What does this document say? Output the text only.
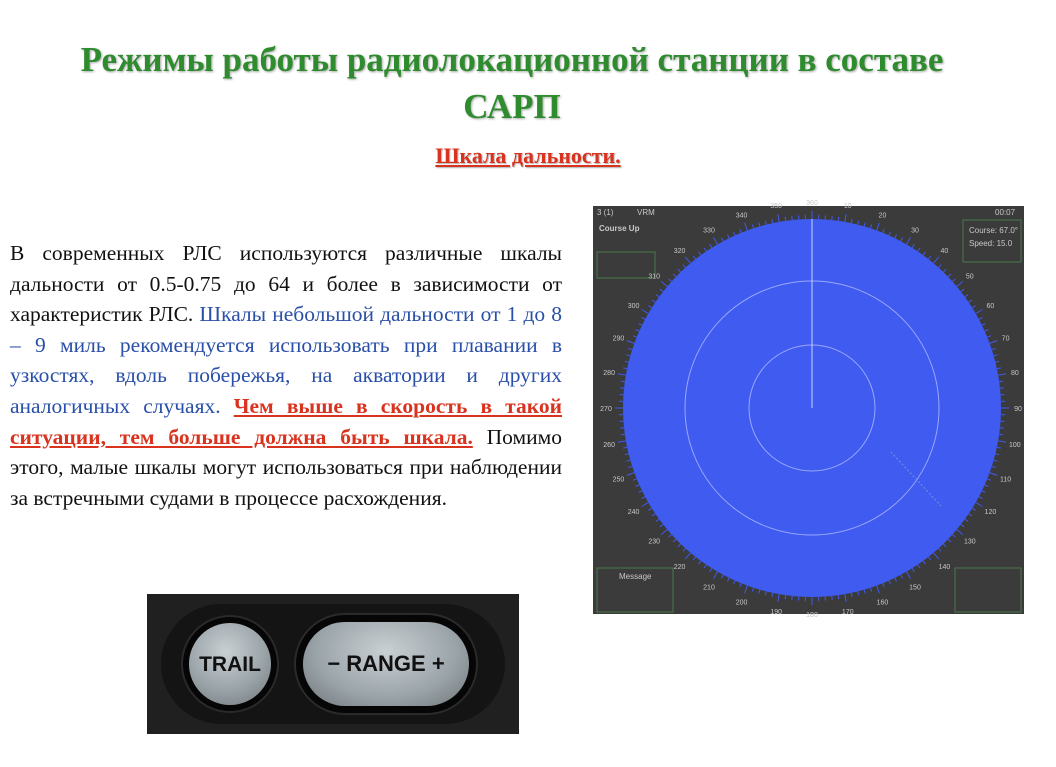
Режимы работы радиолокационной станции в составе САРП
Шкала дальности.
В современных РЛС используются различные шкалы дальности от 0.5-0.75 до 64 и более в зависимости от характеристик РЛС. Шкалы небольшой дальности от 1 до 8 – 9 миль рекомендуется использовать при плавании в узкостях, вдоль побережья, на акватории и других аналогичных случаях. Чем выше в скорость в такой ситуации, тем больше должна быть шкала. Помимо этого, малые шкалы могут использоваться при наблюдении за встречными судами в процессе расхождения.
10
20
30
40
50
60
70
80
90
100
110
120
130
140
150
160
170
180
190
200
210
220
230
240
250
260
270
280
290
300
310
320
330
340
350	360
3 (1)	VRM	00:07
Course Up	Course: 67.0°
Speed: 15.0
Message
TRAIL	− RANGE +
